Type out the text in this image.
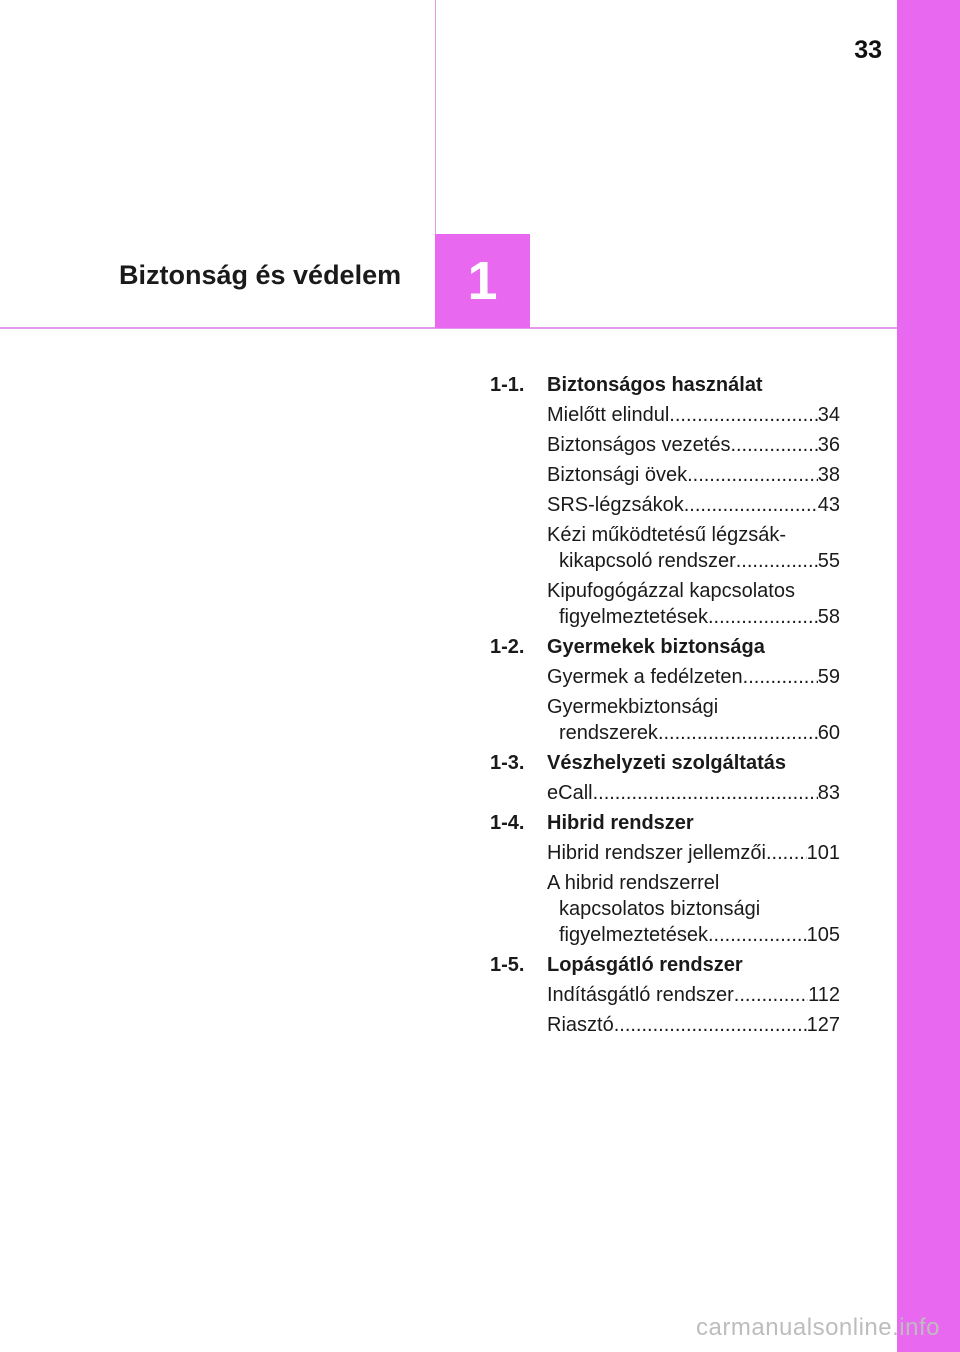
33
Biztonság és védelem 1
1-1.	Biztonságos használat
Mielőtt elindul .....	34
Biztonságos vezetés .....	36
Biztonsági övek .....	38
SRS-légzsákok .....	43
Kézi működtetésű légzsák-
kikapcsoló rendszer .....	55
Kipufogógázzal kapcsolatos
figyelmeztetések .....	58
1-2.	Gyermekek biztonsága
Gyermek a fedélzeten .....	59
Gyermekbiztonsági
rendszerek .....	60
1-3.	Vészhelyzeti szolgáltatás
eCall .....	83
1-4.	Hibrid rendszer
Hibrid rendszer jellemzői ..... 101
A hibrid rendszerrel
kapcsolatos biztonsági
figyelmeztetések .....	105
1-5.	Lopásgátló rendszer
Indításgátló rendszer .....	112
Riasztó .....	127
carmanualsonline.info
